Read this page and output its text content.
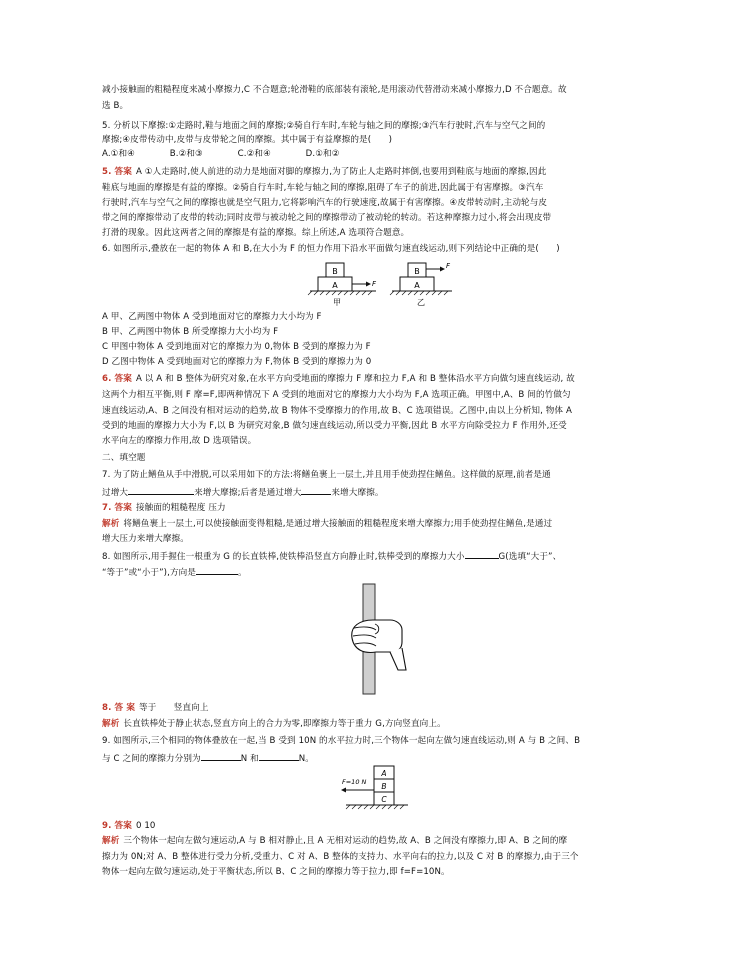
减小接触面的粗糙程度来减小摩擦力,C 不合题意;轮滑鞋的底部装有滚轮,是用滚动代替滑动来减小摩擦力,D 不合题意。故
选 B。
5. 分析以下摩擦:①走路时,鞋与地面之间的摩擦;②骑自行车时,车轮与轴之间的摩擦;③汽车行驶时,汽车与空气之间的
摩擦;④皮带传动中,皮带与皮带轮之间的摩擦。其中属于有益摩擦的是(　　)
A.①和④　　　　B.②和③　　　　C.②和④　　　　D.①和②
5. 答案 A ①人走路时,使人前进的动力是地面对脚的摩擦力,为了防止人走路时摔倒,也要用到鞋底与地面的摩擦,因此
鞋底与地面的摩擦是有益的摩擦。②骑自行车时,车轮与轴之间的摩擦,阻碍了车子的前进,因此属于有害摩擦。③汽车
行驶时,汽车与空气之间的摩擦也就是空气阻力,它将影响汽车的行驶速度,故属于有害摩擦。④皮带转动时,主动轮与皮
带之间的摩擦带动了皮带的转动;同时皮带与被动轮之间的摩擦带动了被动轮的转动。若这种摩擦力过小,将会出现皮带
打滑的现象。因此这两者之间的摩擦是有益的摩擦。综上所述,A 选项符合题意。
6. 如图所示,叠放在一起的物体 A 和 B,在大小为 F 的恒力作用下沿水平面做匀速直线运动,则下列结论中正确的是(　　)
A
B
F
甲
A
B
F
乙
A 甲、乙两图中物体 A 受到地面对它的摩擦力大小均为 F
B 甲、乙两图中物体 B 所受摩擦力大小均为 F
C 甲图中物体 A 受到地面对它的摩擦力为 0,物体 B 受到的摩擦力为 F
D 乙图中物体 A 受到地面对它的摩擦力为 F,物体 B 受到的摩擦力为 0
6. 答案 A 以 A 和 B 整体为研究对象,在水平方向受地面的摩擦力 F 摩和拉力 F,A 和 B 整体沿水平方向做匀速直线运动, 故
这两个力相互平衡,则 F 摩=F,即两种情况下 A 受到的地面对它的摩擦力大小均为 F,A 选项正确。甲图中,A、B 间的竹做匀
速直线运动,A、B 之间没有相对运动的趋势,故 B 物体不受摩擦力的作用,故 B、C 选项错误。乙图中,由以上分析知, 物体 A
受到的地面的摩擦力大小为 F,以 B 为研究对象,B 做匀速直线运动,所以受力平衡,因此 B 水平方向除受拉力 F 作用外,还受
水平向左的摩擦力作用,故 D 选项错误。
二、填空题
7. 为了防止鳝鱼从手中滑脱,可以采用如下的方法:将鳝鱼裹上一层土,并且用手使劲捏住鳝鱼。这样做的原理,前者是通
过增大	来增大摩擦;后者是通过增大	来增大摩擦。
7. 答案 接触面的粗糙程度 压力
解析 将鳝鱼裹上一层土,可以使接触面变得粗糙,是通过增大接触面的粗糙程度来增大摩擦力;用手使劲捏住鳝鱼,是通过
增大压力来增大摩擦。
8. 如图所示,用手握住一根重为 G 的长直铁棒,使铁棒沿竖直方向静止时,铁棒受到的摩擦力大小	G(选填“大于”、
“等于”或“小于”),方向是	。
8. 答 案 等于　　竖直向上
解析 长直铁棒处于静止状态,竖直方向上的合力为零,即摩擦力等于重力 G,方向竖直向上。
9. 如图所示,三个相同的物体叠放在一起,当 B 受到 10N 的水平拉力时,三个物体一起向左做匀速直线运动,则 A 与 B 之间、B
与 C 之间的摩擦力分别为	N 和	N。
A
B
C
F=10 N
9. 答案 0 10
解析 三个物体一起向左做匀速运动,A 与 B 相对静止,且 A 无相对运动的趋势,故 A、B 之间没有摩擦力,即 A、B 之间的摩
擦力为 0N;对 A、B 整体进行受力分析,受重力、C 对 A、B 整体的支持力、水平向右的拉力,以及 C 对 B 的摩擦力,由于三个
物体一起向左做匀速运动,处于平衡状态,所以 B、C 之间的摩擦力等于拉力,即 f=F=10N。
